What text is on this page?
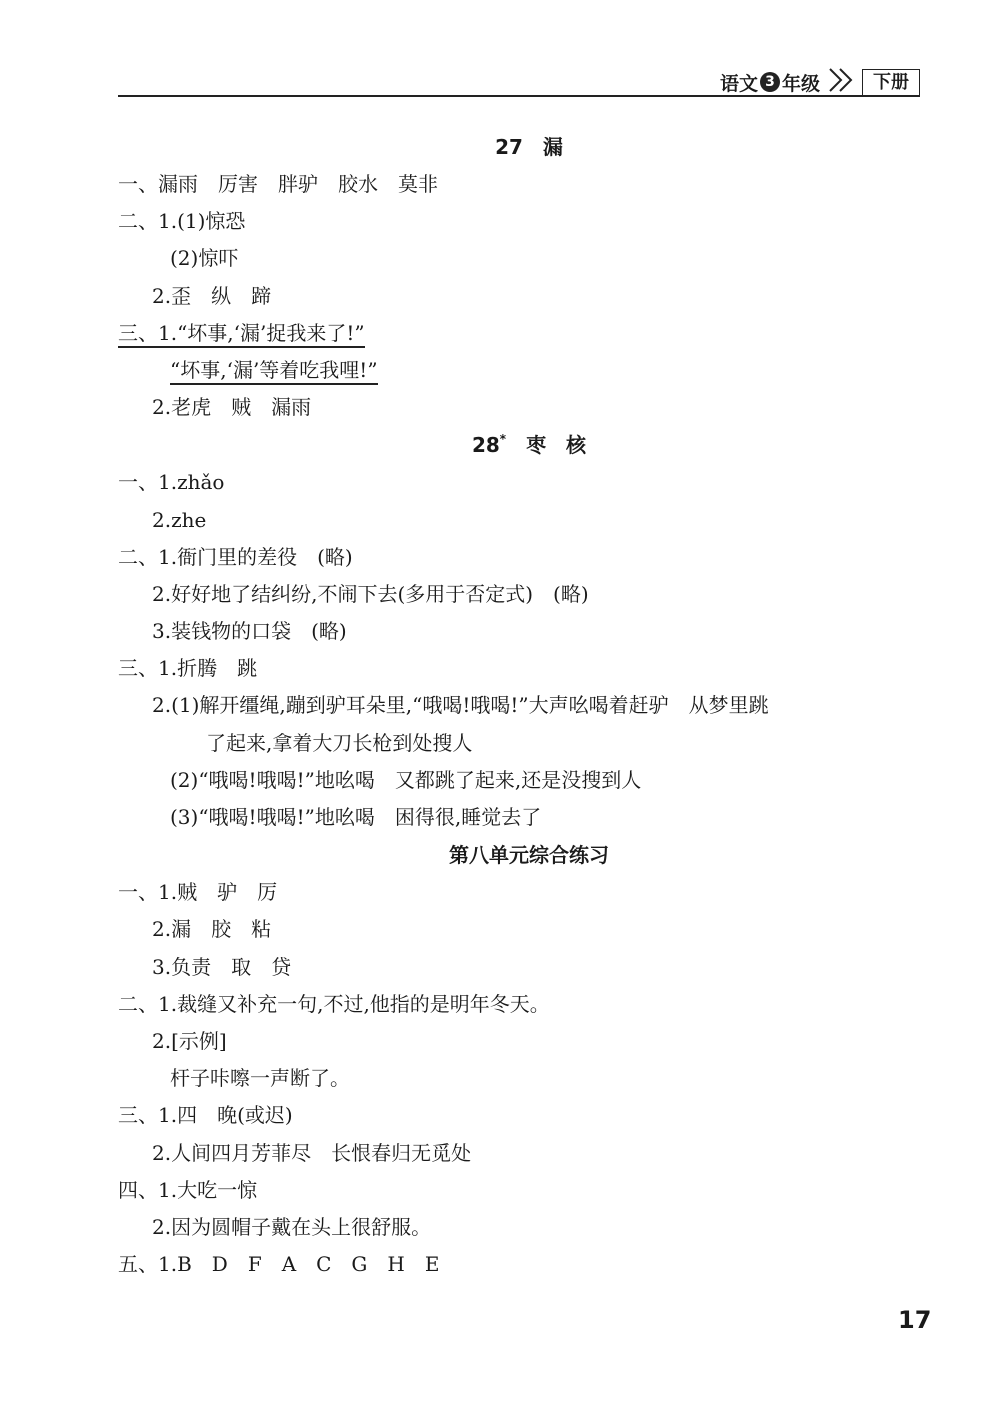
语文 3 年级	下册
27　漏
一、漏雨　厉害　胖驴　胶水　莫非
二、1.(1)惊恐
(2)惊吓
2.歪　纵　蹄
三、1.“坏事,‘漏’捉我来了!”
“坏事,‘漏’等着吃我哩!”
2.老虎　贼　漏雨
28*　 枣　核
一、1.zhǎo
2.zhe
二、1.衙门里的差役　(略)
2.好好地了结纠纷,不闹下去(多用于否定式)　(略)
3.装钱物的口袋　(略)
三、1.折腾　跳
2.(1)解开缰绳,蹦到驴耳朵里,“哦喝!哦喝!”大声吆喝着赶驴　从梦里跳
了起来,拿着大刀长枪到处搜人
(2)“哦喝!哦喝!”地吆喝　又都跳了起来,还是没搜到人
(3)“哦喝!哦喝!”地吆喝　困得很,睡觉去了
第八单元综合练习
一、1.贼　驴　厉
2.漏　胶　粘
3.负责　取　贷
二、1.裁缝又补充一句,不过,他指的是明年冬天。
2.[示例]
杆子咔嚓一声断了。
三、1.四　晚(或迟)
2.人间四月芳菲尽　长恨春归无觅处
四、1.大吃一惊
2.因为圆帽子戴在头上很舒服。
五、1.B　D　F　A　C　G　H　E
17
